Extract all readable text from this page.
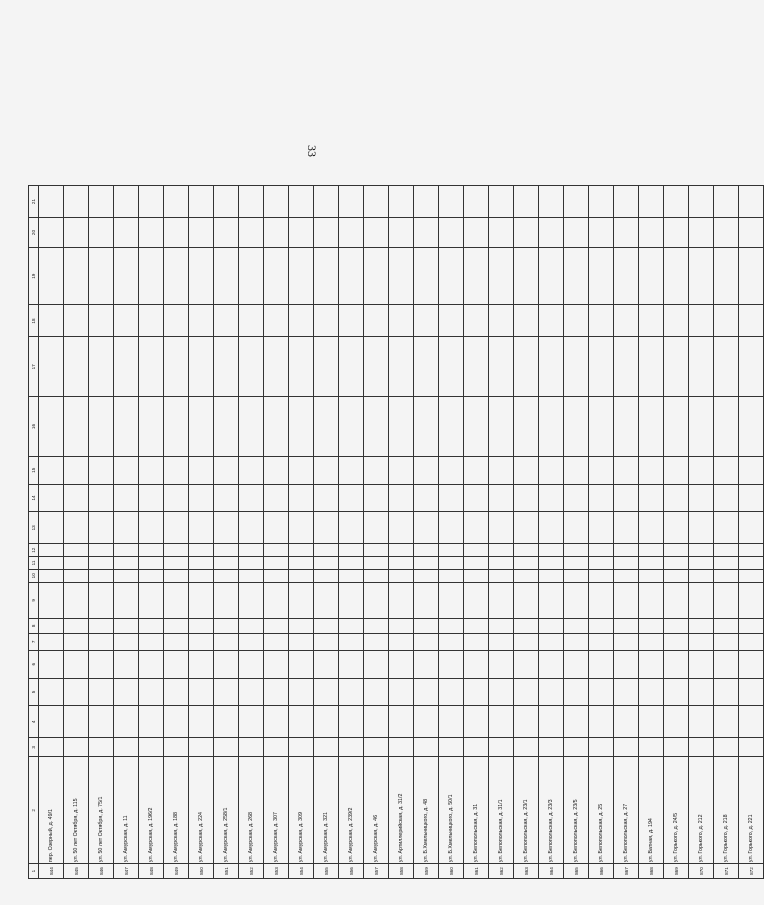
33
1	2	3	4	5	6	7	8	9	10	11	12	13	14	15	16	17	18	19	20	21
844	пер. Озерный, д. 49/1																			
845	ул. 50 лет Октября, д. 115																			
846	ул. 50 лет Октября, д. 75/1																			
847	ул. Амурская, д. 11																			
848	ул. Амурская, д. 196/2																			
849	ул. Амурская, д. 188																			
850	ул. Амурская, д. 224																			
851	ул. Амурская, д. 258/1																			
852	ул. Амурская, д. 268																			
853	ул. Амурская, д. 307																			
854	ул. Амурская, д. 309																			
855	ул. Амурская, д. 321																			
856	ул. Амурская, д. 239/2																			
857	ул. Амурская, д. 46																			
858	ул. Артиллерийская, д. 31/2																			
859	ул. Б.Хмельницкого, д. 48																			
860	ул. Б.Хмельницкого, д. 50/1																			
861	ул. Белопольская, д. 31																			
862	ул. Белопольская, д. 31/1																			
863	ул. Белопольская, д. 23/1																			
864	ул. Белопольская, д. 23/3																			
865	ул. Белопольская, д. 23/5																			
866	ул. Белопольская, д. 25																			
867	ул. Белопольская, д. 27																			
868	ул. Ватная, д. 194																			
869	ул. Горького, д. 24/5																			
870	ул. Горького, д. 212																			
871	ул. Горького, д. 218																			
872	ул. Горького, д. 221																			
